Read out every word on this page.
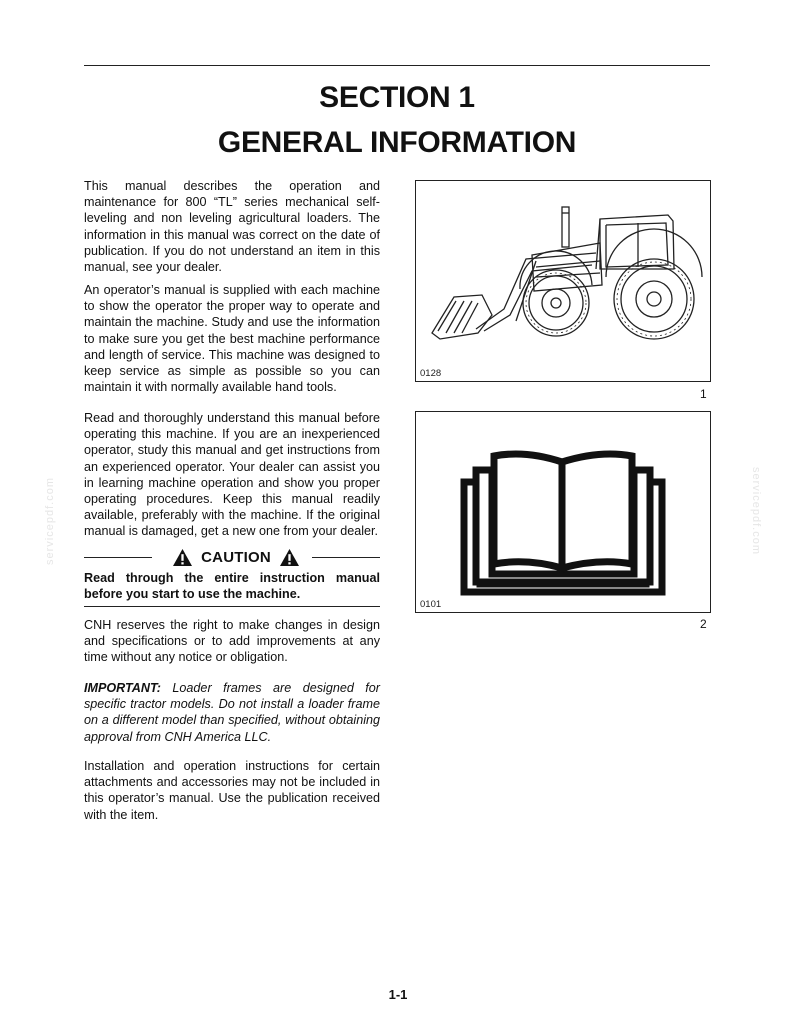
SECTION 1
GENERAL INFORMATION

This manual describes the operation and maintenance for 800 “TL” series mechanical self-leveling and non leveling agricultural loaders. The information in this manual was correct on the date of publication. If you do not understand an item in this manual, see your dealer.

An operator’s manual is supplied with each machine to show the operator the proper way to operate and maintain the machine. Study and use the information to make sure you get the best machine performance and length of service. This machine was designed to keep service as simple as possible so you can maintain it with normally available hand tools.

Read and thoroughly understand this manual before operating this machine. If you are an inexperienced operator, study this manual and get instructions from an experienced operator. Your dealer can assist you in learning machine operation and show you proper operating procedures. Keep this manual readily available, preferably with the machine. If the original manual is damaged, get a new one from your dealer.

CAUTION
Read through the entire instruction manual before you start to use the machine.

CNH reserves the right to make changes in design and specifications or to add improvements at any time without any notice or obligation.

IMPORTANT: Loader frames are designed for specific tractor models. Do not install a loader frame on a different model than specified, without obtaining approval from CNH America LLC.

Installation and operation instructions for certain attachments and accessories may not be included in this operator’s manual. Use the publication received with the item.

0128
1
0101
2
servicepdf.com	servicepdf.com
1-1
